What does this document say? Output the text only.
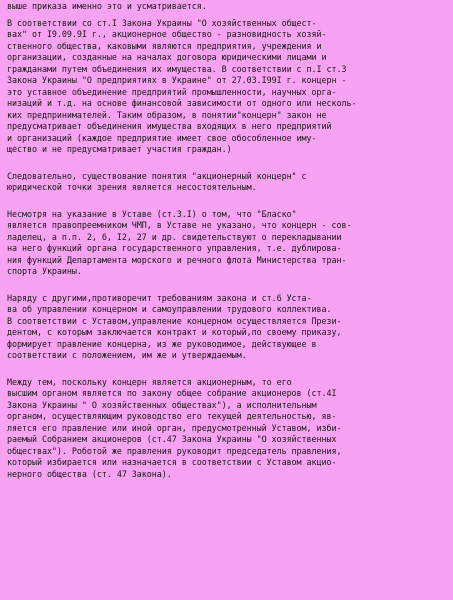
выше приказа именно это и усматривается.
В соответствии со ст.I Закона Украины "О хозяйственных общест-
вах" от I9.09.9I г., акционерное общество - разновидность хозяй-
ственного общества, каковыми являются предприятия, учреждения и
организации, созданные на началах договора юридическими лицами и
гражданами путем объединения их имущества. В соответствии с п.I ст.3
Закона Украины "О предприятиях в Украине" от 27.03.I99I г. концерн -
это уставное объединение предприятий промышленности, научных орга-
низаций и т.д. на основе финансовой зависимости от одного или несколь-
ких предпринимателей. Таким образом, в понятии"концерн" закон не
предусматривает объединения имущества входящих в него предприятий
и организаций (каждое предприятие имеет свое обособленное иму-
щество и не предусматривает участия граждан.)
Следовательно, существование понятия "акционерный концерн" с
юридической точки зрения является несостоятельным.
Несмотря на указание в Уставе (ст.3.I) о том, что "Бласко"
является правопреемником ЧМП, в Уставе не указано, что концерн - сов-
ладелец, а п.п. 2, 6, I2, 27 и др. свидетельствуют о перекладывании
на него функций органа государственного управления, т.е. дублирова-
ния функций Департамента морского и речного флота Министерства тран-
спорта Украины.
Наряду с другими,противоречит требованиям закона и ст.6 Уста-
ва об управлении концерном и самоуправлении трудового коллектива.
В соответствии с Уставом,управление концерном осуществляется Прези-
дентом, с которым заключается контракт и который,по своему приказу,
формирует правление концерна, из же руководимое, действующее в
соответствии с положением, им же и утверждаемым.
Между тем, поскольку концерн является акционерным, то его
высшим органом является по закону общее собрание акционеров (ст.4I
Закона Украины " О хозяйственных обществах"), а исполнительным
органом, осуществляющим руководство его текущей деятельностью, яв-
ляется его правление или иной орган, предусмотренный Уставом, изби-
раемый Собранием акционеров (ст.47 Закона Украины "О хозяйственных
обществах"). Роботой же правления руководит председатель правления,
который избирается или назначается в соответствии с Уставом акцио-
нерного общества (ст. 47 Закона).
